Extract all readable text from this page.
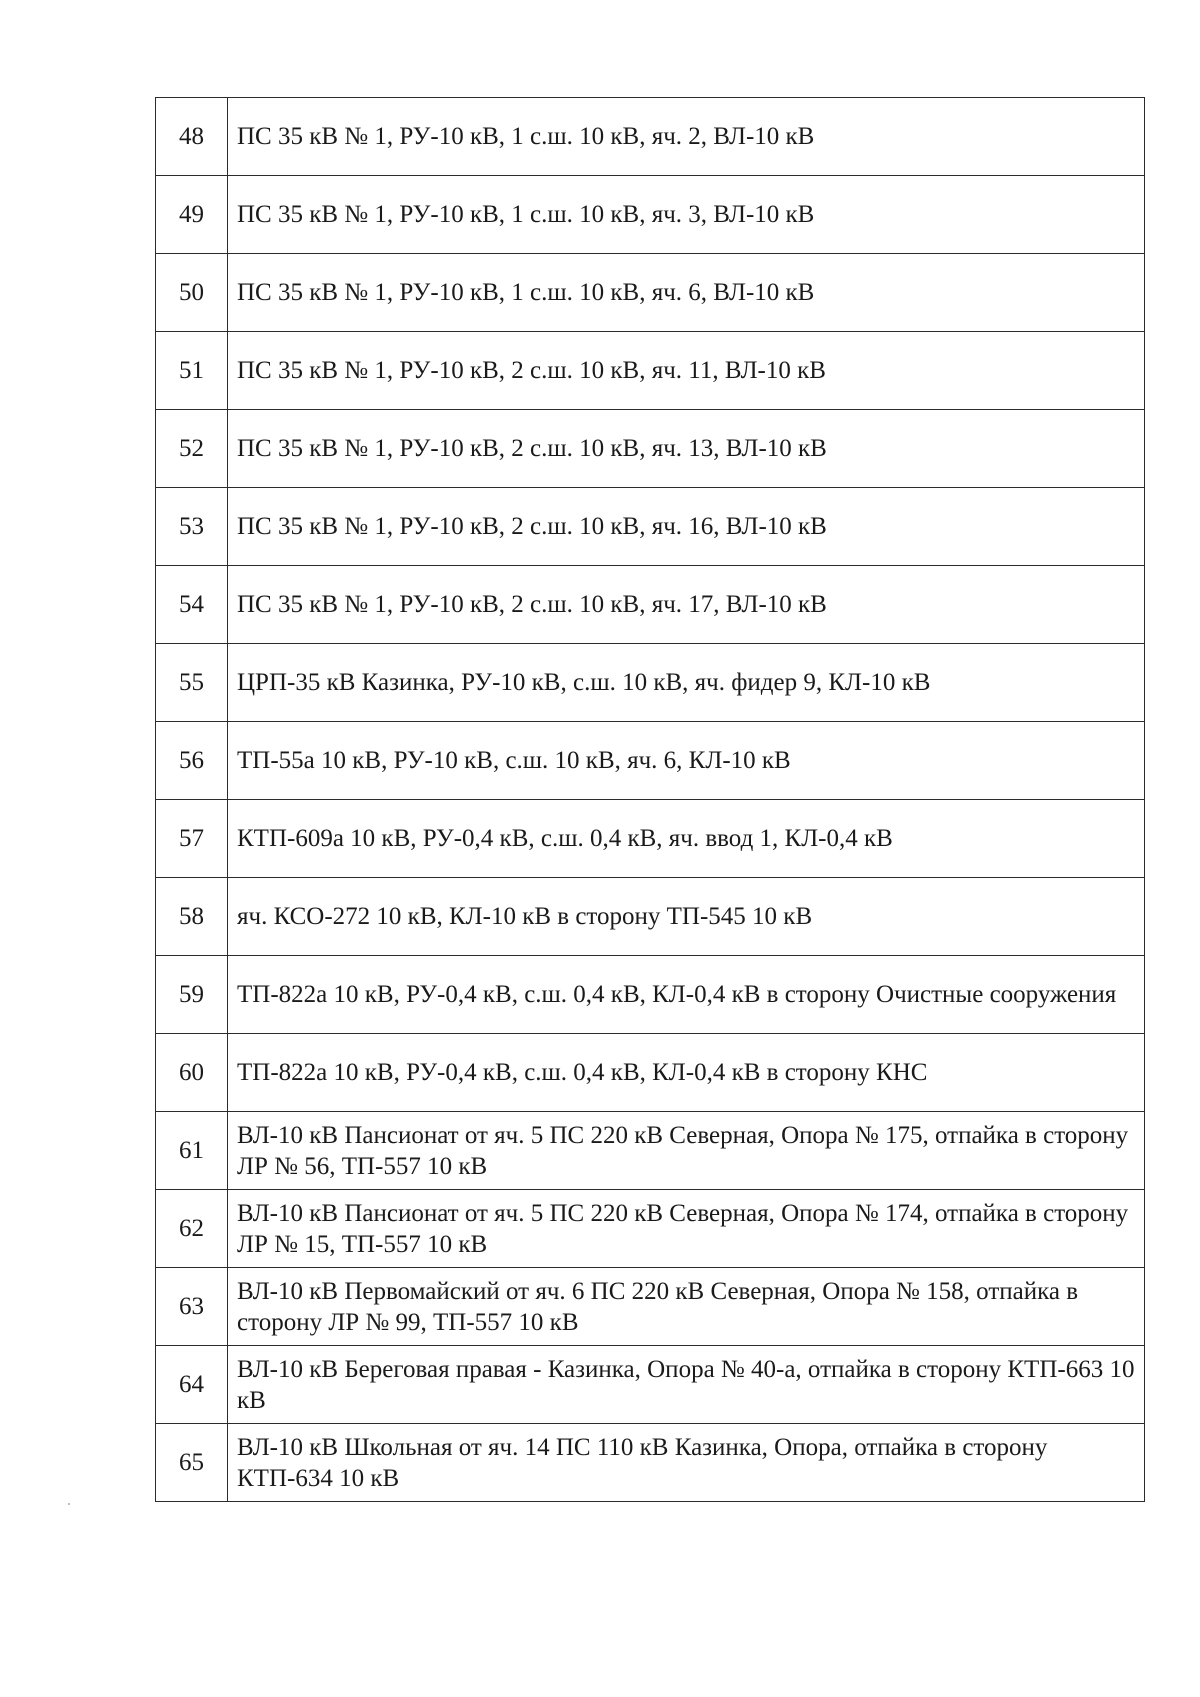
48	ПС 35 кВ № 1, РУ-10 кВ, 1 с.ш. 10 кВ, яч. 2, ВЛ-10 кВ
49	ПС 35 кВ № 1, РУ-10 кВ, 1 с.ш. 10 кВ, яч. 3, ВЛ-10 кВ
50	ПС 35 кВ № 1, РУ-10 кВ, 1 с.ш. 10 кВ, яч. 6, ВЛ-10 кВ
51	ПС 35 кВ № 1, РУ-10 кВ, 2 с.ш. 10 кВ, яч. 11, ВЛ-10 кВ
52	ПС 35 кВ № 1, РУ-10 кВ, 2 с.ш. 10 кВ, яч. 13, ВЛ-10 кВ
53	ПС 35 кВ № 1, РУ-10 кВ, 2 с.ш. 10 кВ, яч. 16, ВЛ-10 кВ
54	ПС 35 кВ № 1, РУ-10 кВ, 2 с.ш. 10 кВ, яч. 17, ВЛ-10 кВ
55	ЦРП-35 кВ Казинка, РУ-10 кВ, с.ш. 10 кВ, яч. фидер 9, КЛ-10 кВ
56	ТП-55а 10 кВ, РУ-10 кВ, с.ш. 10 кВ, яч. 6, КЛ-10 кВ
57	КТП-609а 10 кВ, РУ-0,4 кВ, с.ш. 0,4 кВ, яч. ввод 1, КЛ-0,4 кВ
58	яч. КСО-272 10 кВ, КЛ-10 кВ в сторону ТП-545 10 кВ
59	ТП-822а 10 кВ, РУ-0,4 кВ, с.ш. 0,4 кВ, КЛ-0,4 кВ в сторону Очистные сооружения
60	ТП-822а 10 кВ, РУ-0,4 кВ, с.ш. 0,4 кВ, КЛ-0,4 кВ в сторону КНС
61	ВЛ-10 кВ Пансионат от яч. 5 ПС 220 кВ Северная, Опора № 175, отпайка в сторону ЛР № 56, ТП-557 10 кВ
62	ВЛ-10 кВ Пансионат от яч. 5 ПС 220 кВ Северная, Опора № 174, отпайка в сторону ЛР № 15, ТП-557 10 кВ
63	ВЛ-10 кВ Первомайский от яч. 6 ПС 220 кВ Северная, Опора № 158, отпайка в сторону ЛР № 99, ТП-557 10 кВ
64	ВЛ-10 кВ Береговая правая - Казинка, Опора № 40-а, отпайка в сторону КТП-663 10 кВ
65	ВЛ-10 кВ Школьная от яч. 14 ПС 110 кВ Казинка, Опора, отпайка в сторону КТП-634 10 кВ
